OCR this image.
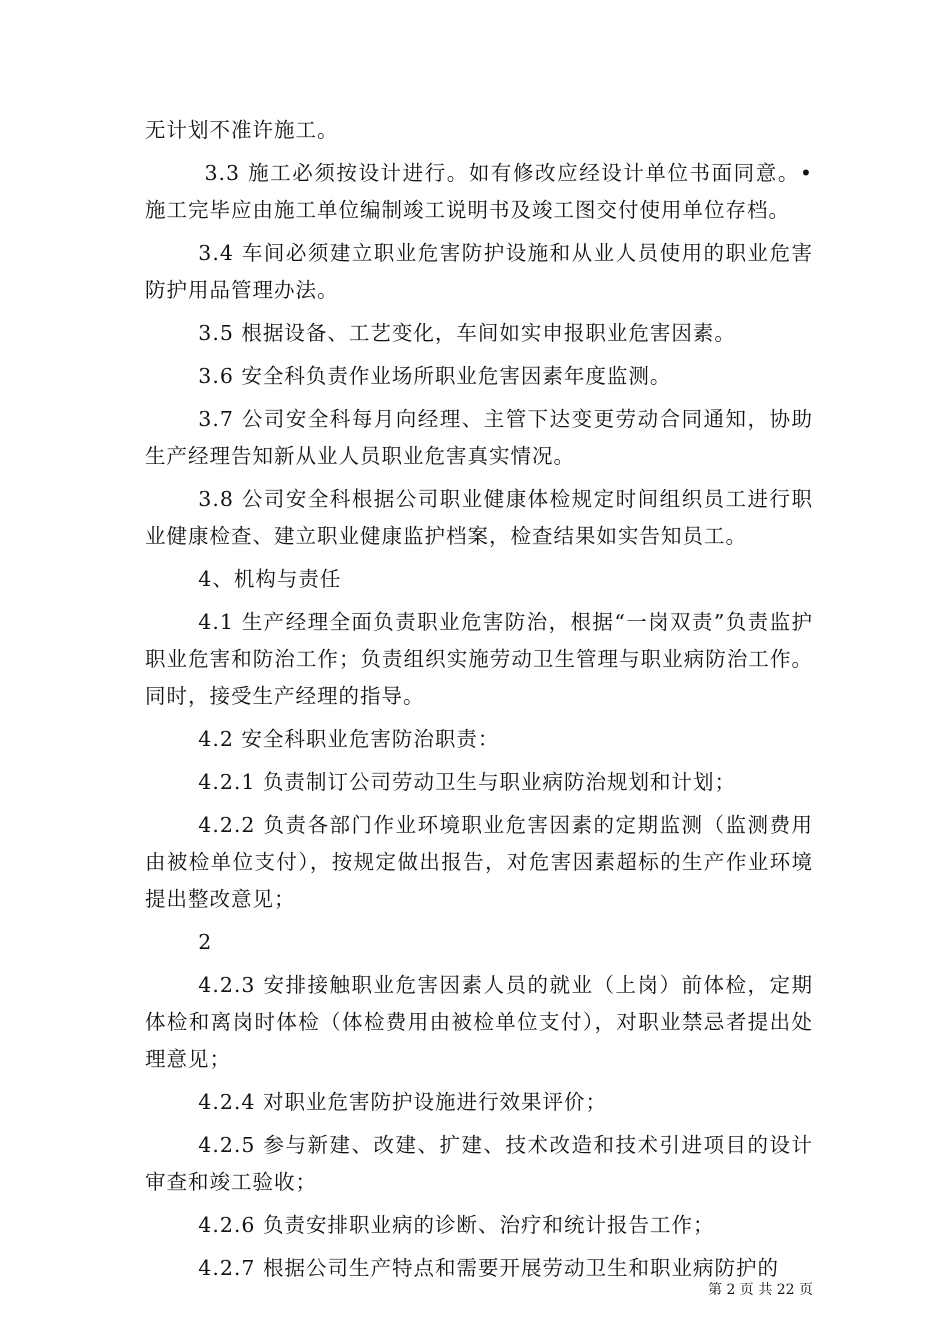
无计划不准许施工。

3.3 施工必须按设计进行。如有修改应经设计单位书面同意。•施工完毕应由施工单位编制竣工说明书及竣工图交付使用单位存档。

3.4 车间必须建立职业危害防护设施和从业人员使用的职业危害防护用品管理办法。

3.5 根据设备、工艺变化，车间如实申报职业危害因素。

3.6 安全科负责作业场所职业危害因素年度监测。

3.7 公司安全科每月向经理、主管下达变更劳动合同通知，协助生产经理告知新从业人员职业危害真实情况。

3.8 公司安全科根据公司职业健康体检规定时间组织员工进行职业健康检查、建立职业健康监护档案，检查结果如实告知员工。

4、机构与责任

4.1 生产经理全面负责职业危害防治，根据“一岗双责”负责监护职业危害和防治工作；负责组织实施劳动卫生管理与职业病防治工作。同时，接受生产经理的指导。

4.2 安全科职业危害防治职责：

4.2.1 负责制订公司劳动卫生与职业病防治规划和计划；

4.2.2 负责各部门作业环境职业危害因素的定期监测（监测费用由被检单位支付），按规定做出报告，对危害因素超标的生产作业环境提出整改意见；

2

4.2.3 安排接触职业危害因素人员的就业（上岗）前体检，定期体检和离岗时体检（体检费用由被检单位支付），对职业禁忌者提出处理意见；

4.2.4 对职业危害防护设施进行效果评价；

4.2.5 参与新建、改建、扩建、技术改造和技术引进项目的设计审查和竣工验收；

4.2.6 负责安排职业病的诊断、治疗和统计报告工作；

4.2.7 根据公司生产特点和需要开展劳动卫生和职业病防护的

第 2 页 共 22 页
